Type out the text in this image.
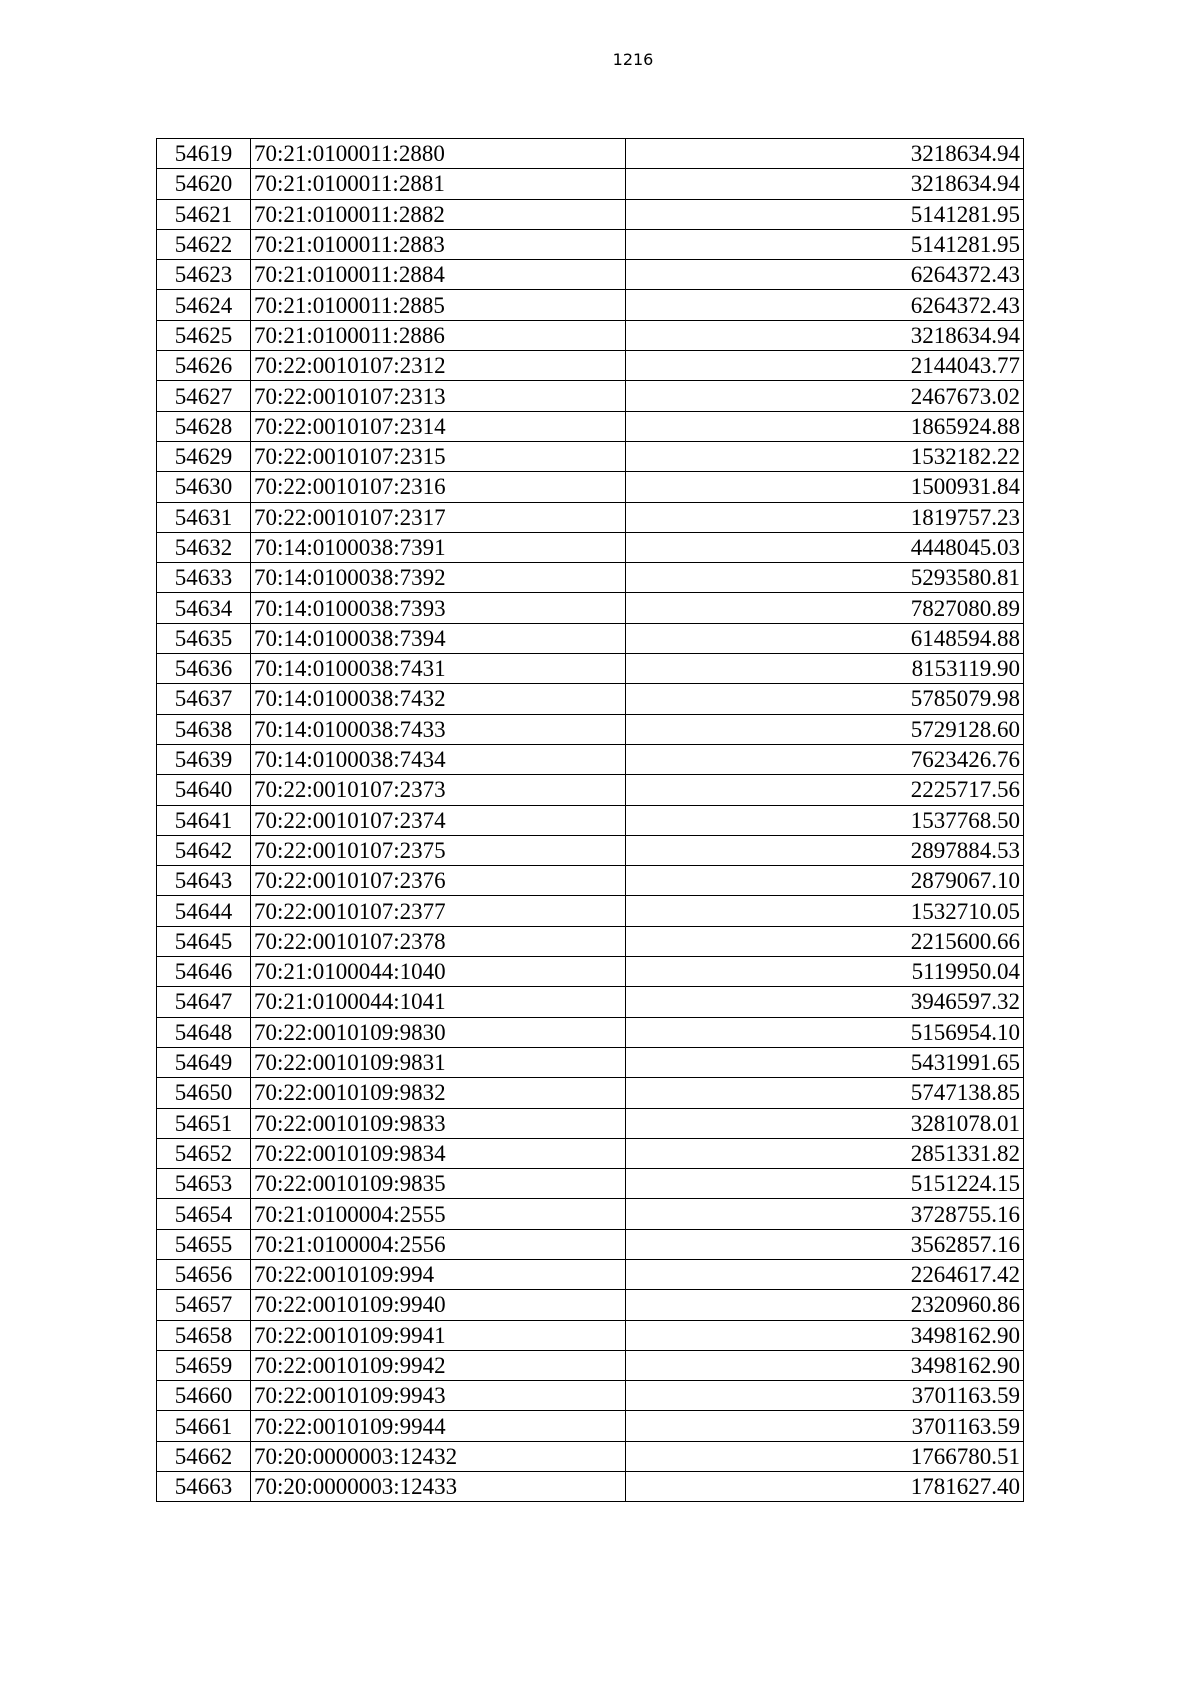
1216
54619	70:21:0100011:2880	3218634.94
54620	70:21:0100011:2881	3218634.94
54621	70:21:0100011:2882	5141281.95
54622	70:21:0100011:2883	5141281.95
54623	70:21:0100011:2884	6264372.43
54624	70:21:0100011:2885	6264372.43
54625	70:21:0100011:2886	3218634.94
54626	70:22:0010107:2312	2144043.77
54627	70:22:0010107:2313	2467673.02
54628	70:22:0010107:2314	1865924.88
54629	70:22:0010107:2315	1532182.22
54630	70:22:0010107:2316	1500931.84
54631	70:22:0010107:2317	1819757.23
54632	70:14:0100038:7391	4448045.03
54633	70:14:0100038:7392	5293580.81
54634	70:14:0100038:7393	7827080.89
54635	70:14:0100038:7394	6148594.88
54636	70:14:0100038:7431	8153119.90
54637	70:14:0100038:7432	5785079.98
54638	70:14:0100038:7433	5729128.60
54639	70:14:0100038:7434	7623426.76
54640	70:22:0010107:2373	2225717.56
54641	70:22:0010107:2374	1537768.50
54642	70:22:0010107:2375	2897884.53
54643	70:22:0010107:2376	2879067.10
54644	70:22:0010107:2377	1532710.05
54645	70:22:0010107:2378	2215600.66
54646	70:21:0100044:1040	5119950.04
54647	70:21:0100044:1041	3946597.32
54648	70:22:0010109:9830	5156954.10
54649	70:22:0010109:9831	5431991.65
54650	70:22:0010109:9832	5747138.85
54651	70:22:0010109:9833	3281078.01
54652	70:22:0010109:9834	2851331.82
54653	70:22:0010109:9835	5151224.15
54654	70:21:0100004:2555	3728755.16
54655	70:21:0100004:2556	3562857.16
54656	70:22:0010109:994	2264617.42
54657	70:22:0010109:9940	2320960.86
54658	70:22:0010109:9941	3498162.90
54659	70:22:0010109:9942	3498162.90
54660	70:22:0010109:9943	3701163.59
54661	70:22:0010109:9944	3701163.59
54662	70:20:0000003:12432	1766780.51
54663	70:20:0000003:12433	1781627.40
